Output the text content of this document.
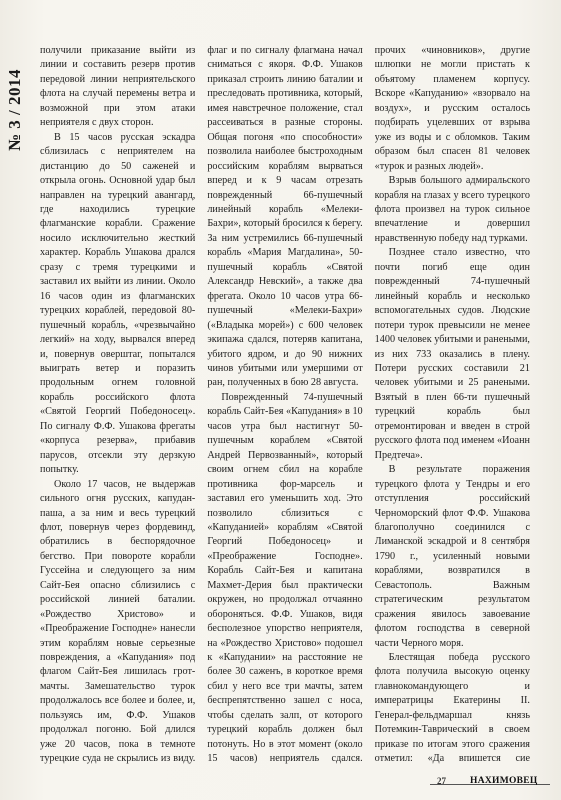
№ 3 / 2014

получили приказание выйти из линии и составить резерв против передовой линии неприятельского флота на случай перемены ветра и возможной при этом атаки неприятеля с двух сторон.

В 15 часов русская эскадра сблизилась с неприятелем на дистанцию до 50 саженей и открыла огонь. Основной удар был направлен на турецкий авангард, где находились турецкие флагманские корабли. Сражение носило исключительно жесткий характер. Корабль Ушакова дрался сразу с тремя турецкими и заставил их выйти из линии. Около 16 часов один из флагманских турецких кораблей, передовой 80-пушечный корабль, «чрезвычайно легкий» на ходу, вырвался вперед и, повернув оверштаг, попытался выиграть ветер и поразить продольным огнем головной корабль российского флота «Святой Георгий Победоносец». По сигналу Ф.Ф. Ушакова фрегаты «корпуса резерва», прибавив парусов, отсекли эту дерзкую попытку.

Около 17 часов, не выдержав сильного огня русских, капудан-паша, а за ним и весь турецкий флот, повернув через фордевинд, обратились в беспорядочное бегство. При повороте корабли Гуссейна и следующего за ним Сайт-Бея опасно сблизились с российской линией баталии. «Рождество Христово» и «Преображение Господне» нанесли этим кораблям новые серьезные повреждения, а «Капудания» под флагом Сайт-Бея лишилась грот-мачты. Замешательство турок продолжалось все более и более, и, пользуясь им, Ф.Ф. Ушаков продолжал погоню. Бой длился уже 20 часов, пока в темноте турецкие суда не скрылись из виду.

флаг и по сигналу флагмана начал сниматься с якоря. Ф.Ф. Ушаков приказал строить линию баталии и преследовать противника, который, имея навстречное положение, стал рассеиваться в разные стороны. Общая погоня «по способности» позволила наиболее быстроходным российским кораблям вырваться вперед и к 9 часам отрезать поврежденный 66-пушечный линейный корабль «Мелеки-Бахри», который бросился к берегу. За ним устремились 66-пушечный корабль «Мария Магдалина», 50-пушечный корабль «Святой Александр Невский», а также два фрегата. Около 10 часов утра 66-пушечный «Мелеки-Бахри» («Владыка морей») с 600 человек экипажа сдался, потеряв капитана, убитого ядром, и до 90 нижних чинов убитыми или умершими от ран, полученных в бою 28 августа.

Поврежденный 74-пушечный корабль Сайт-Бея «Капудания» в 10 часов утра был настигнут 50-пушечным кораблем «Святой Андрей Первозванный», который своим огнем сбил на корабле противника фор-марсель и заставил его уменьшить ход. Это позволило сблизиться с «Капуданией» кораблям «Святой Георгий Победоносец» и «Преображение Господне». Корабль Сайт-Бея и капитана Махмет-Дерия был практически окружен, но продолжал отчаянно обороняться. Ф.Ф. Ушаков, видя бесполезное упорство неприятеля, на «Рождество Христово» подошел к «Капудании» на расстояние не более 30 саженъ, в короткое время сбил у него все три мачты, затем беспрепятственно зашел с носа, чтобы сделать залп, от которого турецкий корабль должен был потонуть. Но в этот момент (около 15 часов) неприятель сдался.

прочих «чиновников», другие шлюпки не могли пристать к объятому пламенем корпусу. Вскоре «Капуданию» «взорвало на воздух», и русским осталось подбирать уцелевших от взрыва уже из воды и с обломков. Таким образом был спасен 81 человек «турок и разных людей».

Взрыв большого адмиральского корабля на глазах у всего турецкого флота произвел на турок сильное впечатление и довершил нравственную победу над турками.

Позднее стало известно, что почти погиб еще один поврежденный 74-пушечный линейный корабль и несколько вспомогательных судов. Людские потери турок превысили не менее 1400 человек убитыми и ранеными, из них 733 оказались в плену. Потери русских составили 21 человек убитыми и 25 ранеными. Взятый в плен 66-ти пушечный турецкий корабль был отремонтирован и введен в строй русского флота под именем «Иоанн Предтеча».

В результате поражения турецкого флота у Тендры и его отступления российский Черноморский флот Ф.Ф. Ушакова благополучно соединился с Лиманской эскадрой и 8 сентября 1790 г., усиленный новыми кораблями, возвратился в Севастополь. Важным стратегическим результатом сражения явилось завоевание флотом господства в северной части Черного моря.

Блестящая победа русского флота получила высокую оценку главнокомандующего и императрицы Екатерины II. Генерал-фельдмаршал князь Потемкин-Таврический в своем приказе по итогам этого сражения отметил: «Да впишется сие

27	НАХИМОВЕЦ
